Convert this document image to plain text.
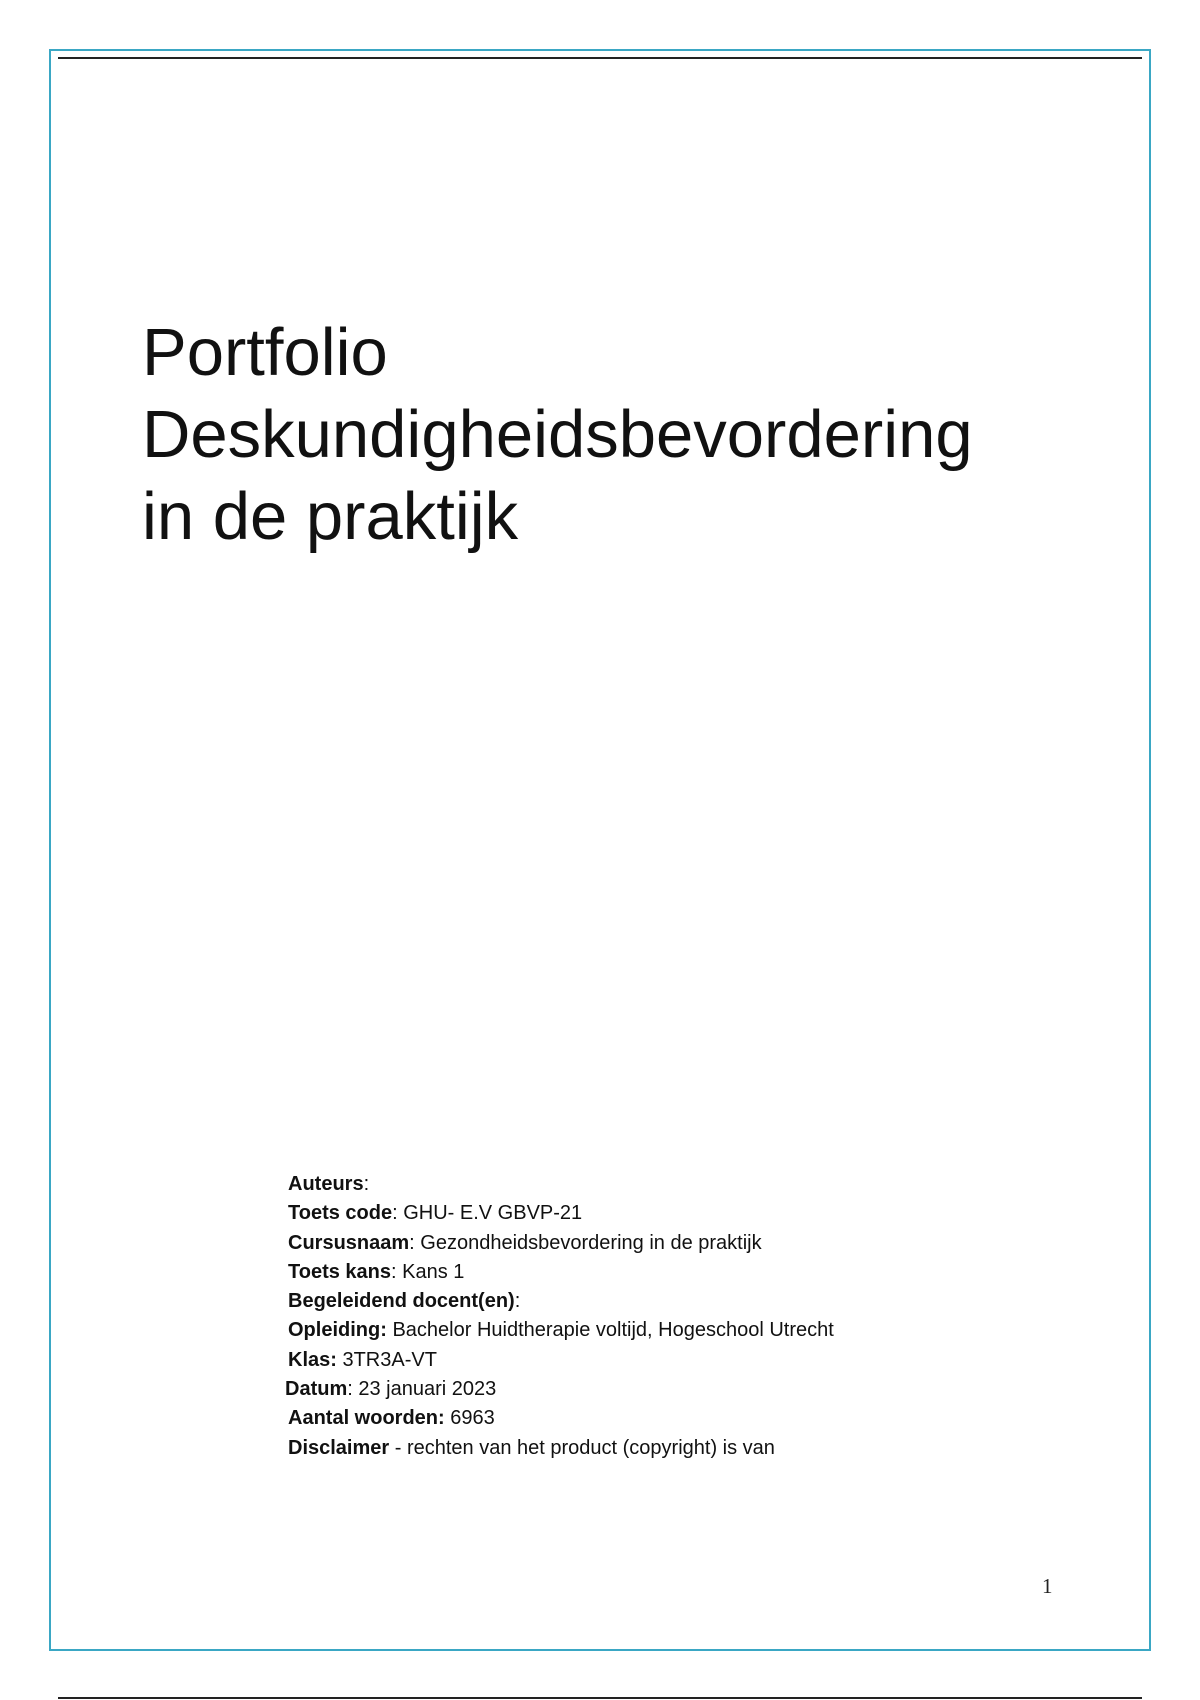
Portfolio
Deskundigheidsbevordering
in de praktijk
Auteurs:
Toets code: GHU- E.V GBVP-21
Cursusnaam: Gezondheidsbevordering in de praktijk
Toets kans: Kans 1
Begeleidend docent(en):
Opleiding: Bachelor Huidtherapie voltijd, Hogeschool Utrecht
Klas: 3TR3A-VT
Datum: 23 januari 2023
Aantal woorden: 6963
Disclaimer - rechten van het product (copyright) is van
1
